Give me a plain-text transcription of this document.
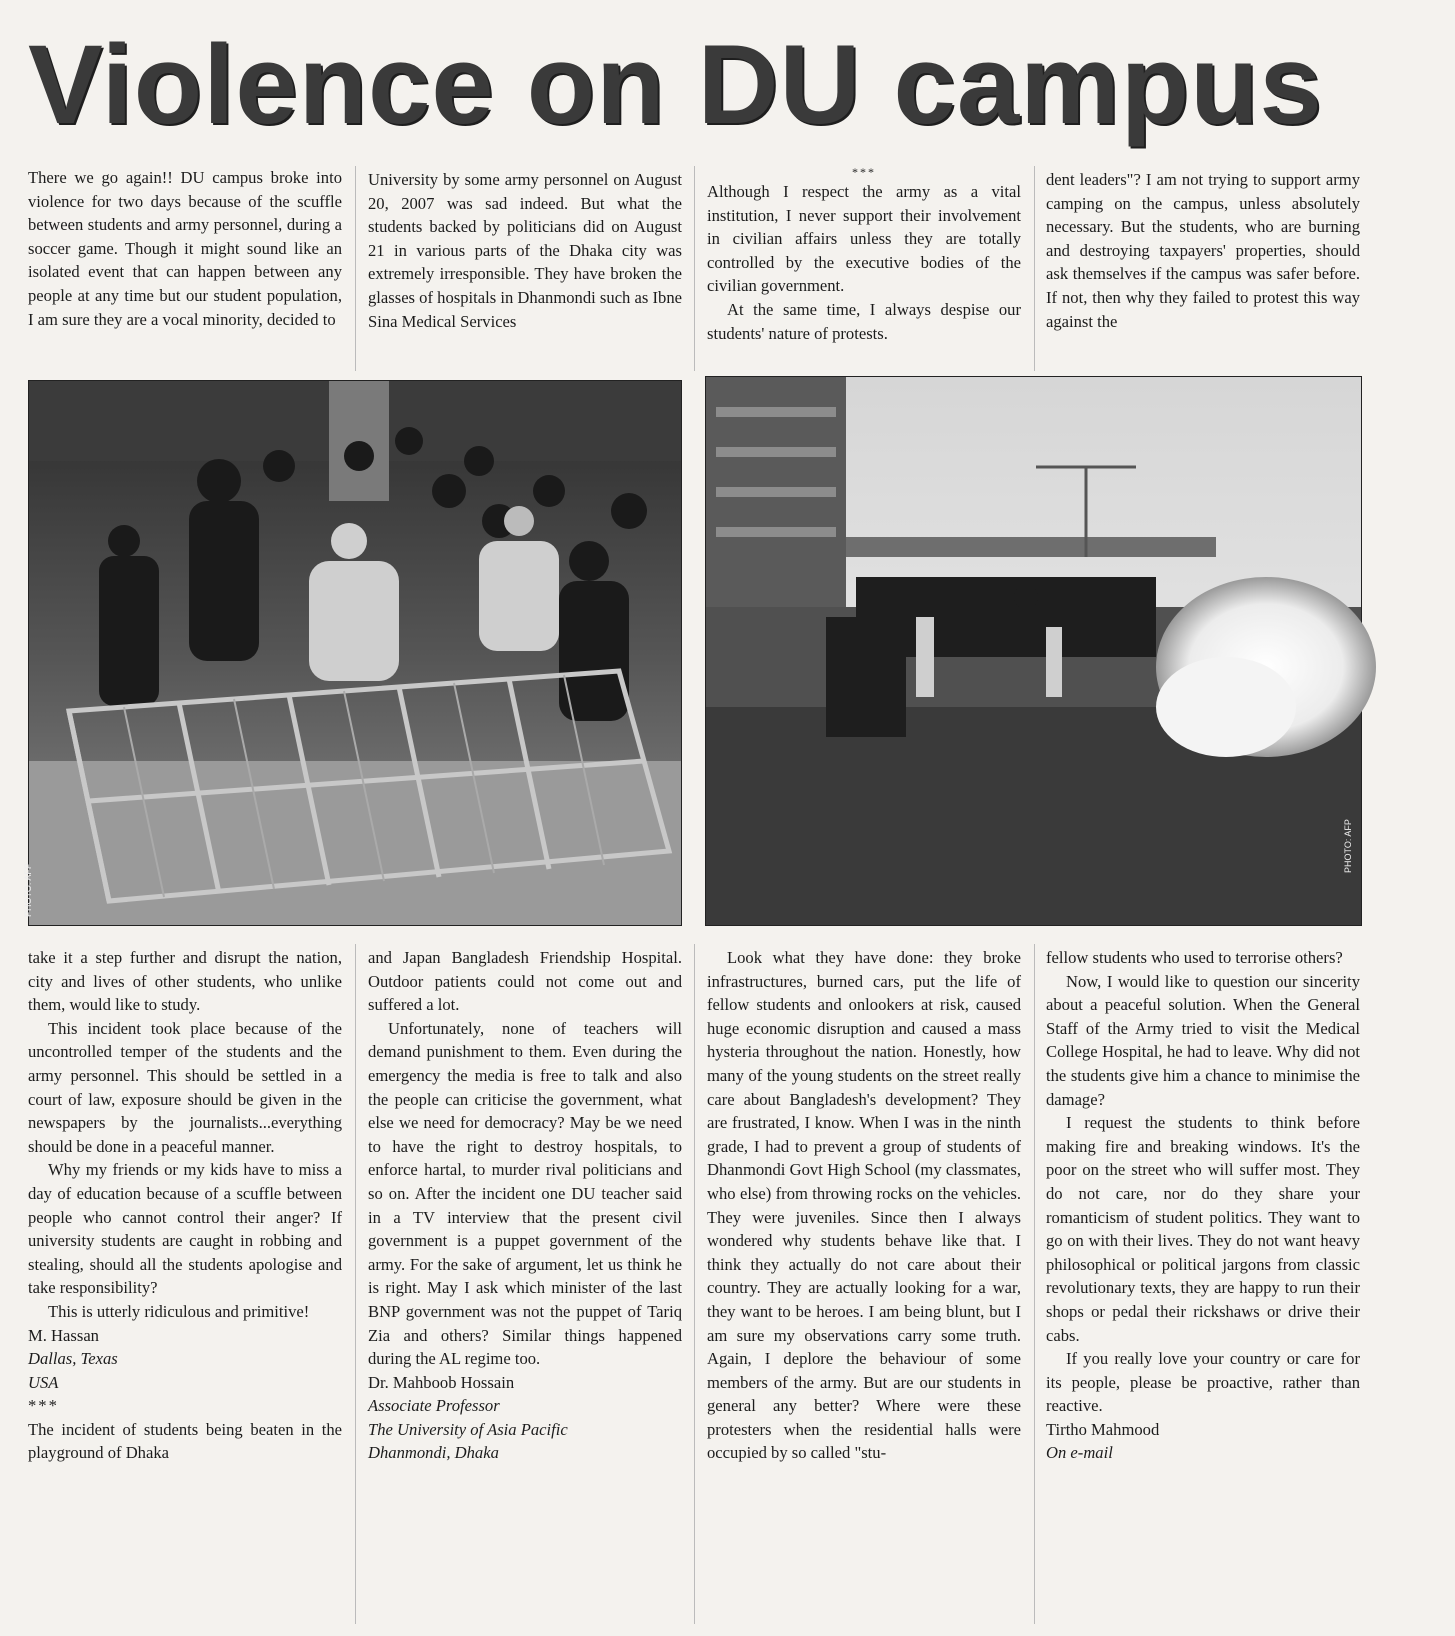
Violence on DU campus

There we go again!! DU campus broke into violence for two days because of the scuffle between students and army personnel, during a soccer game. Though it might sound like an isolated event that can happen between any people at any time but our student population, I am sure they are a vocal minority, decided to

University by some army personnel on August 20, 2007 was sad indeed. But what the students backed by politicians did on August 21 in various parts of the Dhaka city was extremely irresponsible. They have broken the glasses of hospitals in Dhanmondi such as Ibne Sina Medical Services

***

Although I respect the army as a vital institution, I never support their involvement in civilian affairs unless they are totally controlled by the executive bodies of the civilian government.

At the same time, I always despise our students' nature of protests.

dent leaders"? I am not trying to support army camping on the campus, unless absolutely necessary. But the students, who are burning and destroying taxpayers' properties, should ask themselves if the campus was safer before. If not, then why they failed to protest this way against the

PHOTO: AFP
PHOTO: AFP

take it a step further and disrupt the nation, city and lives of other students, who unlike them, would like to study.

This incident took place because of the uncontrolled temper of the students and the army personnel. This should be settled in a court of law, exposure should be given in the newspapers by the journalists...everything should be done in a peaceful manner.

Why my friends or my kids have to miss a day of education because of a scuffle between people who cannot control their anger? If university students are caught in robbing and stealing, should all the students apologise and take responsibility?

This is utterly ridiculous and primitive!

M. Hassan

Dallas, Texas

USA

***

The incident of students being beaten in the playground of Dhaka

and Japan Bangladesh Friendship Hospital. Outdoor patients could not come out and suffered a lot.

Unfortunately, none of teachers will demand punishment to them. Even during the emergency the media is free to talk and also the people can criticise the government, what else we need for democracy? May be we need to have the right to destroy hospitals, to enforce hartal, to murder rival politicians and so on. After the incident one DU teacher said in a TV interview that the present civil government is a puppet government of the army. For the sake of argument, let us think he is right. May I ask which minister of the last BNP government was not the puppet of Tariq Zia and others? Similar things happened during the AL regime too.

Dr. Mahboob Hossain

Associate Professor

The University of Asia Pacific

Dhanmondi, Dhaka

Look what they have done: they broke infrastructures, burned cars, put the life of fellow students and onlookers at risk, caused huge economic disruption and caused a mass hysteria throughout the nation. Honestly, how many of the young students on the street really care about Bangladesh's development? They are frustrated, I know. When I was in the ninth grade, I had to prevent a group of students of Dhanmondi Govt High School (my classmates, who else) from throwing rocks on the vehicles. They were juveniles. Since then I always wondered why students behave like that. I think they actually do not care about their country. They are actually looking for a war, they want to be heroes. I am being blunt, but I am sure my observations carry some truth. Again, I deplore the behaviour of some members of the army. But are our students in general any better? Where were these protesters when the residential halls were occupied by so called "stu-

fellow students who used to terrorise others?

Now, I would like to question our sincerity about a peaceful solution. When the General Staff of the Army tried to visit the Medical College Hospital, he had to leave. Why did not the students give him a chance to minimise the damage?

I request the students to think before making fire and breaking windows. It's the poor on the street who will suffer most. They do not care, nor do they share your romanticism of student politics. They want to go on with their lives. They do not want heavy philosophical or political jargons from classic revolutionary texts, they are happy to run their shops or pedal their rickshaws or drive their cabs.

If you really love your country or care for its people, please be proactive, rather than reactive.

Tirtho Mahmood

On e-mail
